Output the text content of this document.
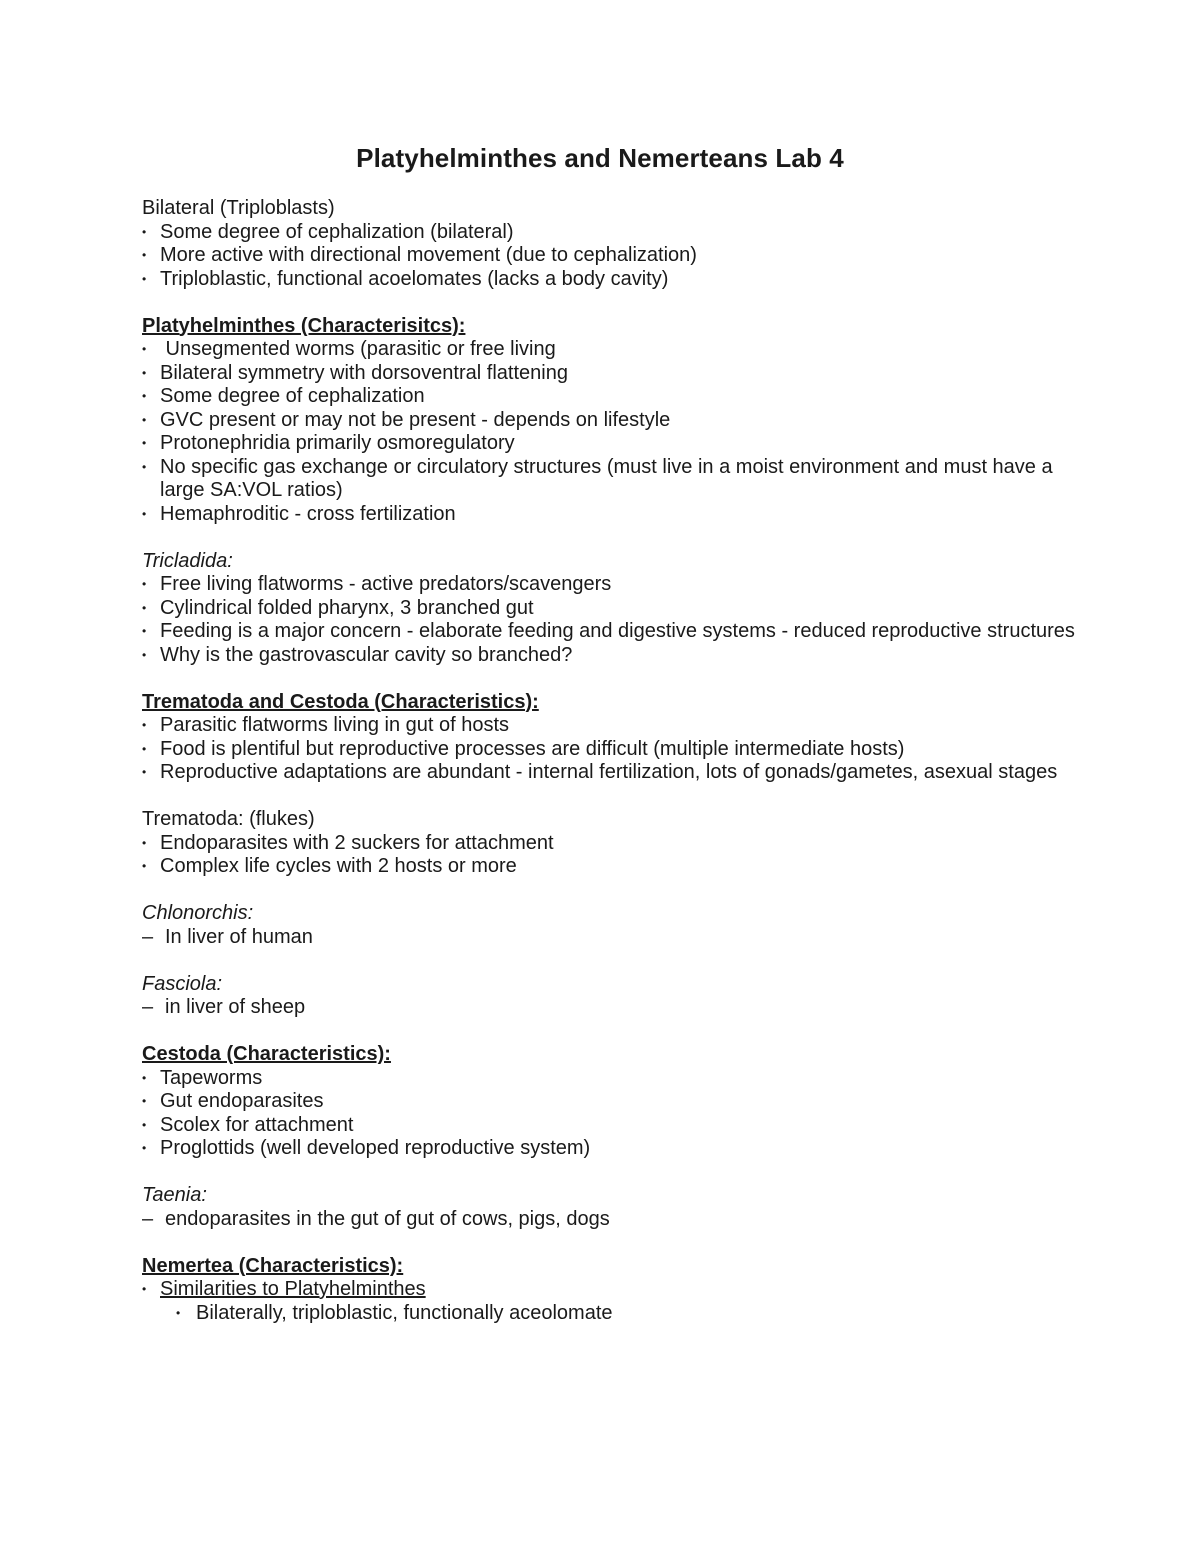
Platyhelminthes and Nemerteans Lab 4

Bilateral (Triploblasts)

• Some degree of cephalization (bilateral)
• More active with directional movement (due to cephalization)
• Triploblastic, functional acoelomates (lacks a body cavity)

Platyhelminthes (Characterisitcs):

• Unsegmented worms (parasitic or free living
• Bilateral symmetry with dorsoventral flattening
• Some degree of cephalization
• GVC present or may not be present - depends on lifestyle
• Protonephridia primarily osmoregulatory
• No specific gas exchange or circulatory structures (must live in a moist environment and must have a large SA:VOL ratios)
• Hemaphroditic - cross fertilization

Tricladida:

• Free living flatworms - active predators/scavengers
• Cylindrical folded pharynx, 3 branched gut
• Feeding is a major concern - elaborate feeding and digestive systems - reduced reproductive structures
• Why is the gastrovascular cavity so branched?

Trematoda and Cestoda (Characteristics):

• Parasitic flatworms living in gut of hosts
• Food is plentiful but reproductive processes are difficult (multiple intermediate hosts)
• Reproductive adaptations are abundant - internal fertilization, lots of gonads/gametes, asexual stages

Trematoda: (flukes)

• Endoparasites with 2 suckers for attachment
• Complex life cycles with 2 hosts or more

Chlonorchis:

– In liver of human

Fasciola:

– in liver of sheep

Cestoda (Characteristics):

• Tapeworms
• Gut endoparasites
• Scolex for attachment
• Proglottids (well developed reproductive system)

Taenia:

– endoparasites in the gut of gut of cows, pigs, dogs

Nemertea (Characteristics):

• Similarities to Platyhelminthes
• Bilaterally, triploblastic, functionally aceolomate
